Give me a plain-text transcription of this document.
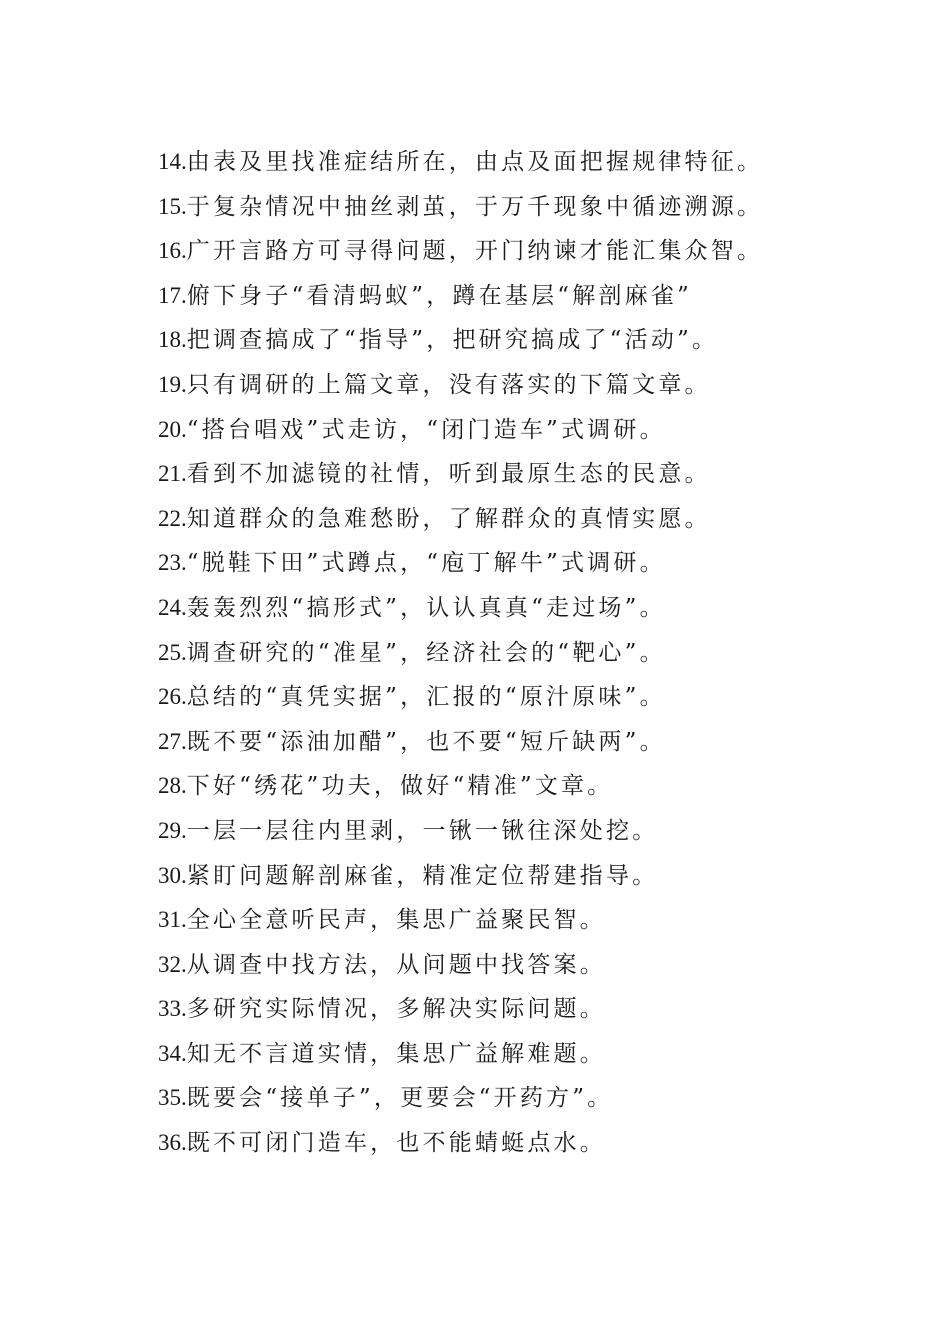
14.由表及里找准症结所在，由点及面把握规律特征。
15.于复杂情况中抽丝剥茧，于万千现象中循迹溯源。
16.广开言路方可寻得问题，开门纳谏才能汇集众智。
17.俯下身子“看清蚂蚁”，蹲在基层“解剖麻雀”
18.把调查搞成了“指导”，把研究搞成了“活动”。
19.只有调研的上篇文章，没有落实的下篇文章。
20.“搭台唱戏”式走访，“闭门造车”式调研。
21.看到不加滤镜的社情，听到最原生态的民意。
22.知道群众的急难愁盼，了解群众的真情实愿。
23.“脱鞋下田”式蹲点，“庖丁解牛”式调研。
24.轰轰烈烈“搞形式”，认认真真“走过场”。
25.调查研究的“准星”，经济社会的“靶心”。
26.总结的“真凭实据”，汇报的“原汁原味”。
27.既不要“添油加醋”，也不要“短斤缺两”。
28.下好“绣花”功夫，做好“精准”文章。
29.一层一层往内里剥，一锹一锹往深处挖。
30.紧盯问题解剖麻雀，精准定位帮建指导。
31.全心全意听民声，集思广益聚民智。
32.从调查中找方法，从问题中找答案。
33.多研究实际情况，多解决实际问题。
34.知无不言道实情，集思广益解难题。
35.既要会“接单子”，更要会“开药方”。
36.既不可闭门造车，也不能蜻蜓点水。
